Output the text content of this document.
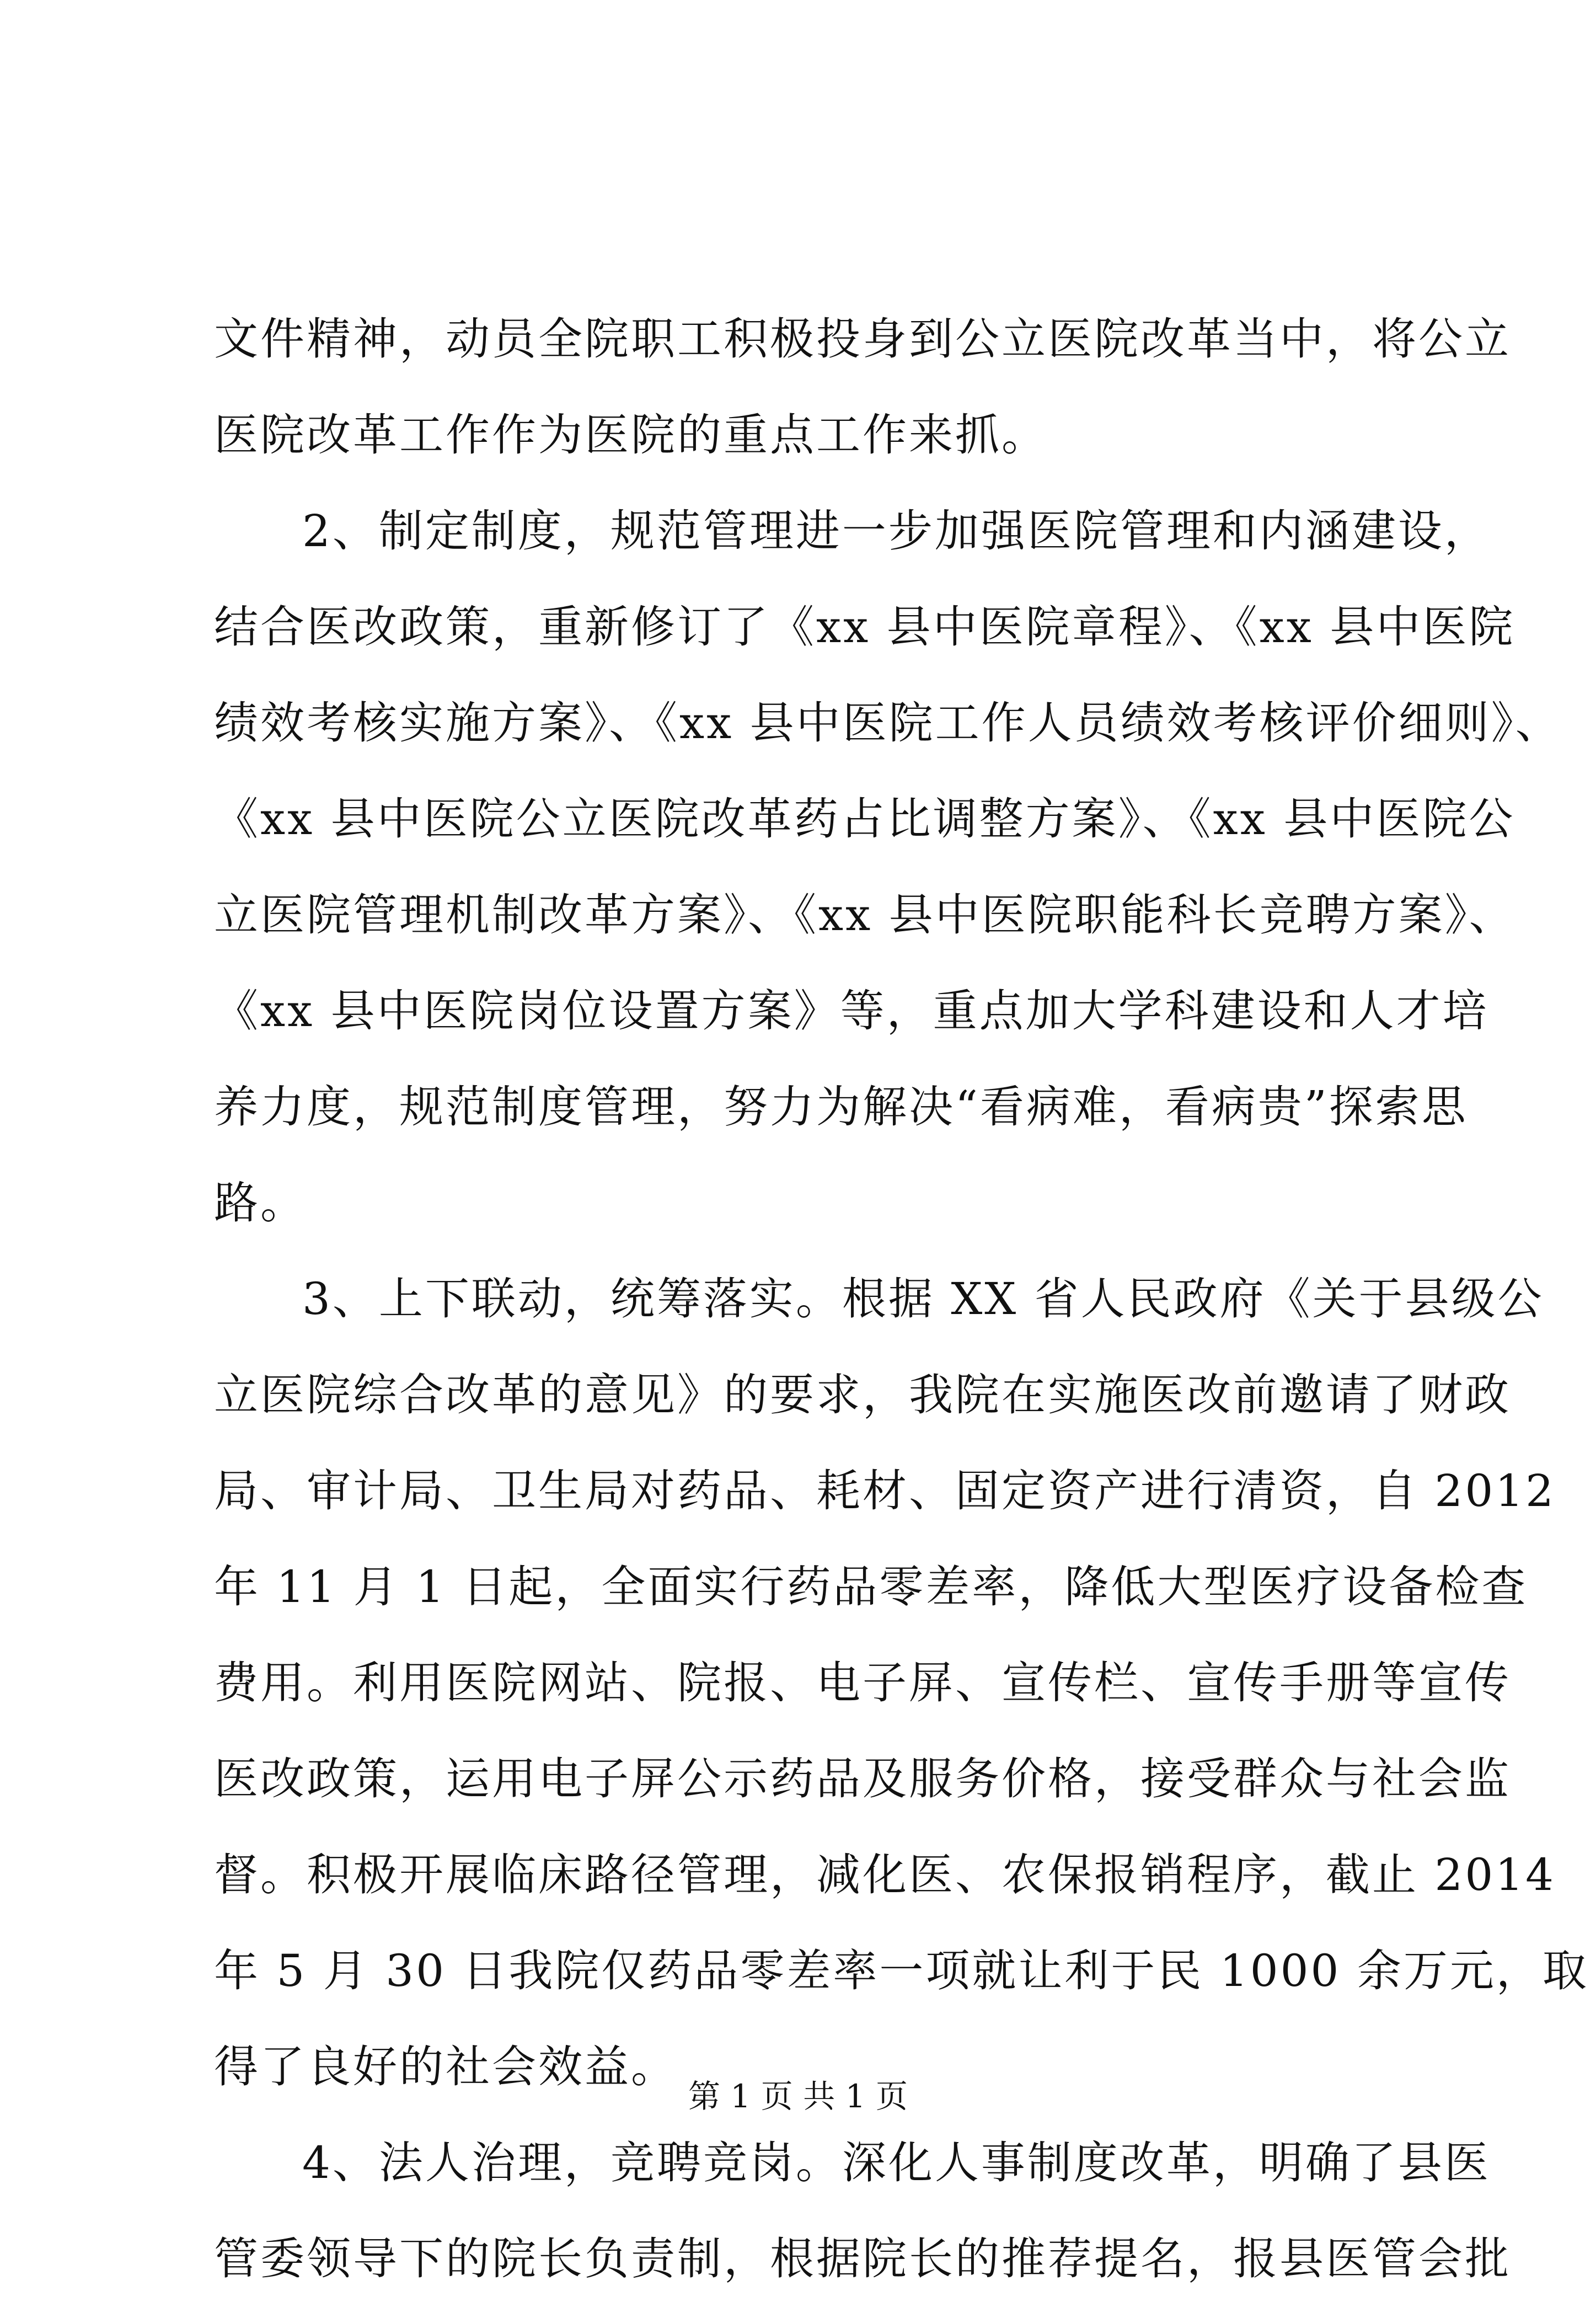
文件精神，动员全院职工积极投身到公立医院改革当中，将公立
医院改革工作作为医院的重点工作来抓。
2、制定制度，规范管理进一步加强医院管理和内涵建设，
结合医改政策，重新修订了《xx 县中医院章程》、《xx 县中医院
绩效考核实施方案》、《xx 县中医院工作人员绩效考核评价细则》、
《xx 县中医院公立医院改革药占比调整方案》、《xx 县中医院公
立医院管理机制改革方案》、《xx 县中医院职能科长竞聘方案》、
《xx 县中医院岗位设置方案》等，重点加大学科建设和人才培
养力度，规范制度管理，努力为解决“看病难，看病贵”探索思
路。
3、上下联动，统筹落实。根据 XX 省人民政府《关于县级公
立医院综合改革的意见》的要求，我院在实施医改前邀请了财政
局、审计局、卫生局对药品、耗材、固定资产进行清资，自 2012
年 11 月 1 日起，全面实行药品零差率，降低大型医疗设备检查
费用。利用医院网站、院报、电子屏、宣传栏、宣传手册等宣传
医改政策，运用电子屏公示药品及服务价格，接受群众与社会监
督。积极开展临床路径管理，减化医、农保报销程序，截止 2014
年 5 月 30 日我院仅药品零差率一项就让利于民 1000 余万元，取
得了良好的社会效益。
4、法人治理，竞聘竞岗。深化人事制度改革，明确了县医
管委领导下的院长负责制，根据院长的推荐提名，报县医管会批
第 1 页 共 1 页
